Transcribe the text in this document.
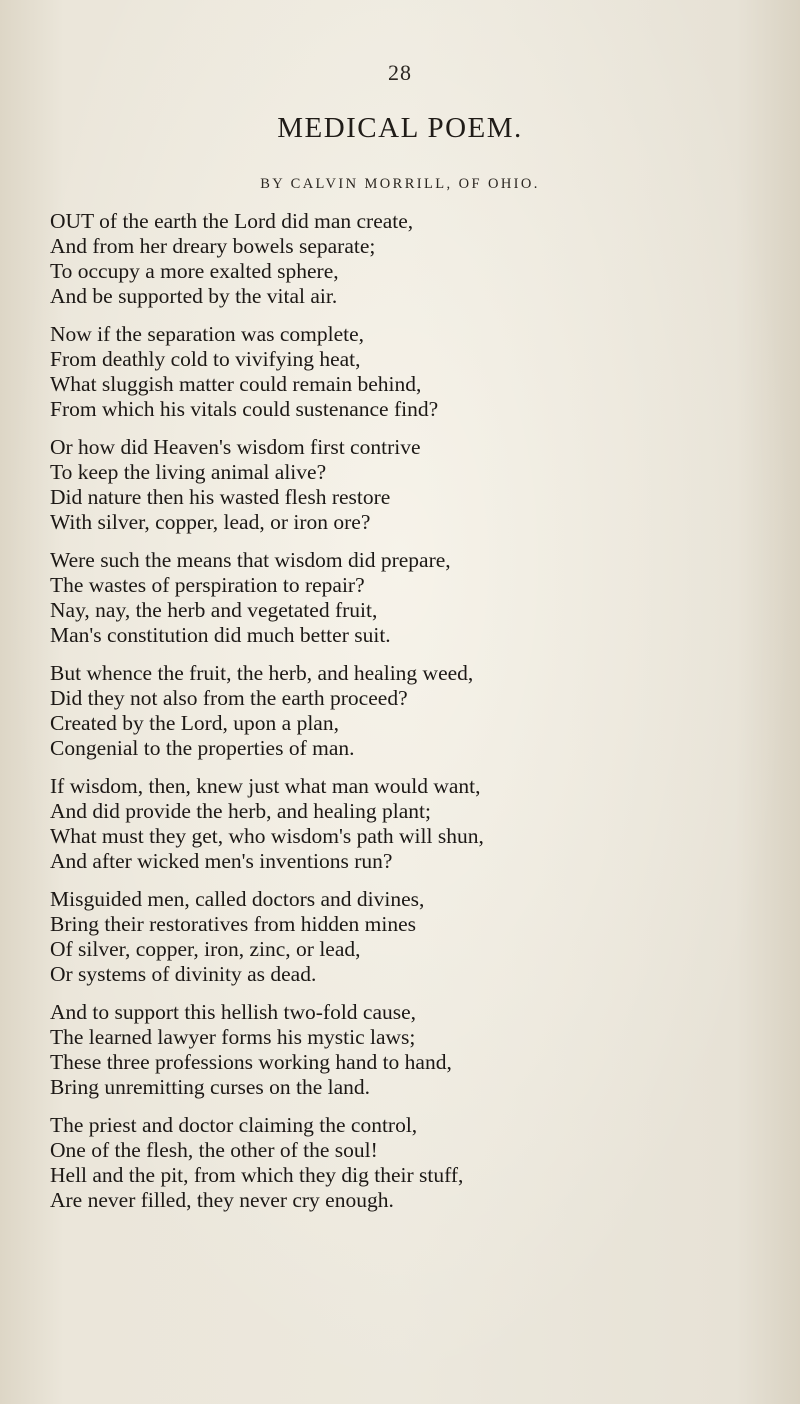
28
MEDICAL POEM.
BY CALVIN MORRILL, OF OHIO.
OUT of the earth the Lord did man create,
And from her dreary bowels separate;
To occupy a more exalted sphere,
And be supported by the vital air.
Now if the separation was complete,
From deathly cold to vivifying heat,
What sluggish matter could remain behind,
From which his vitals could sustenance find?
Or how did Heaven's wisdom first contrive
To keep the living animal alive?
Did nature then his wasted flesh restore
With silver, copper, lead, or iron ore?
Were such the means that wisdom did prepare,
The wastes of perspiration to repair?
Nay, nay, the herb and vegetated fruit,
Man's constitution did much better suit.
But whence the fruit, the herb, and healing weed,
Did they not also from the earth proceed?
Created by the Lord, upon a plan,
Congenial to the properties of man.
If wisdom, then, knew just what man would want,
And did provide the herb, and healing plant;
What must they get, who wisdom's path will shun,
And after wicked men's inventions run?
Misguided men, called doctors and divines,
Bring their restoratives from hidden mines
Of silver, copper, iron, zinc, or lead,
Or systems of divinity as dead.
And to support this hellish two-fold cause,
The learned lawyer forms his mystic laws;
These three professions working hand to hand,
Bring unremitting curses on the land.
The priest and doctor claiming the control,
One of the flesh, the other of the soul!
Hell and the pit, from which they dig their stuff,
Are never filled, they never cry enough.
